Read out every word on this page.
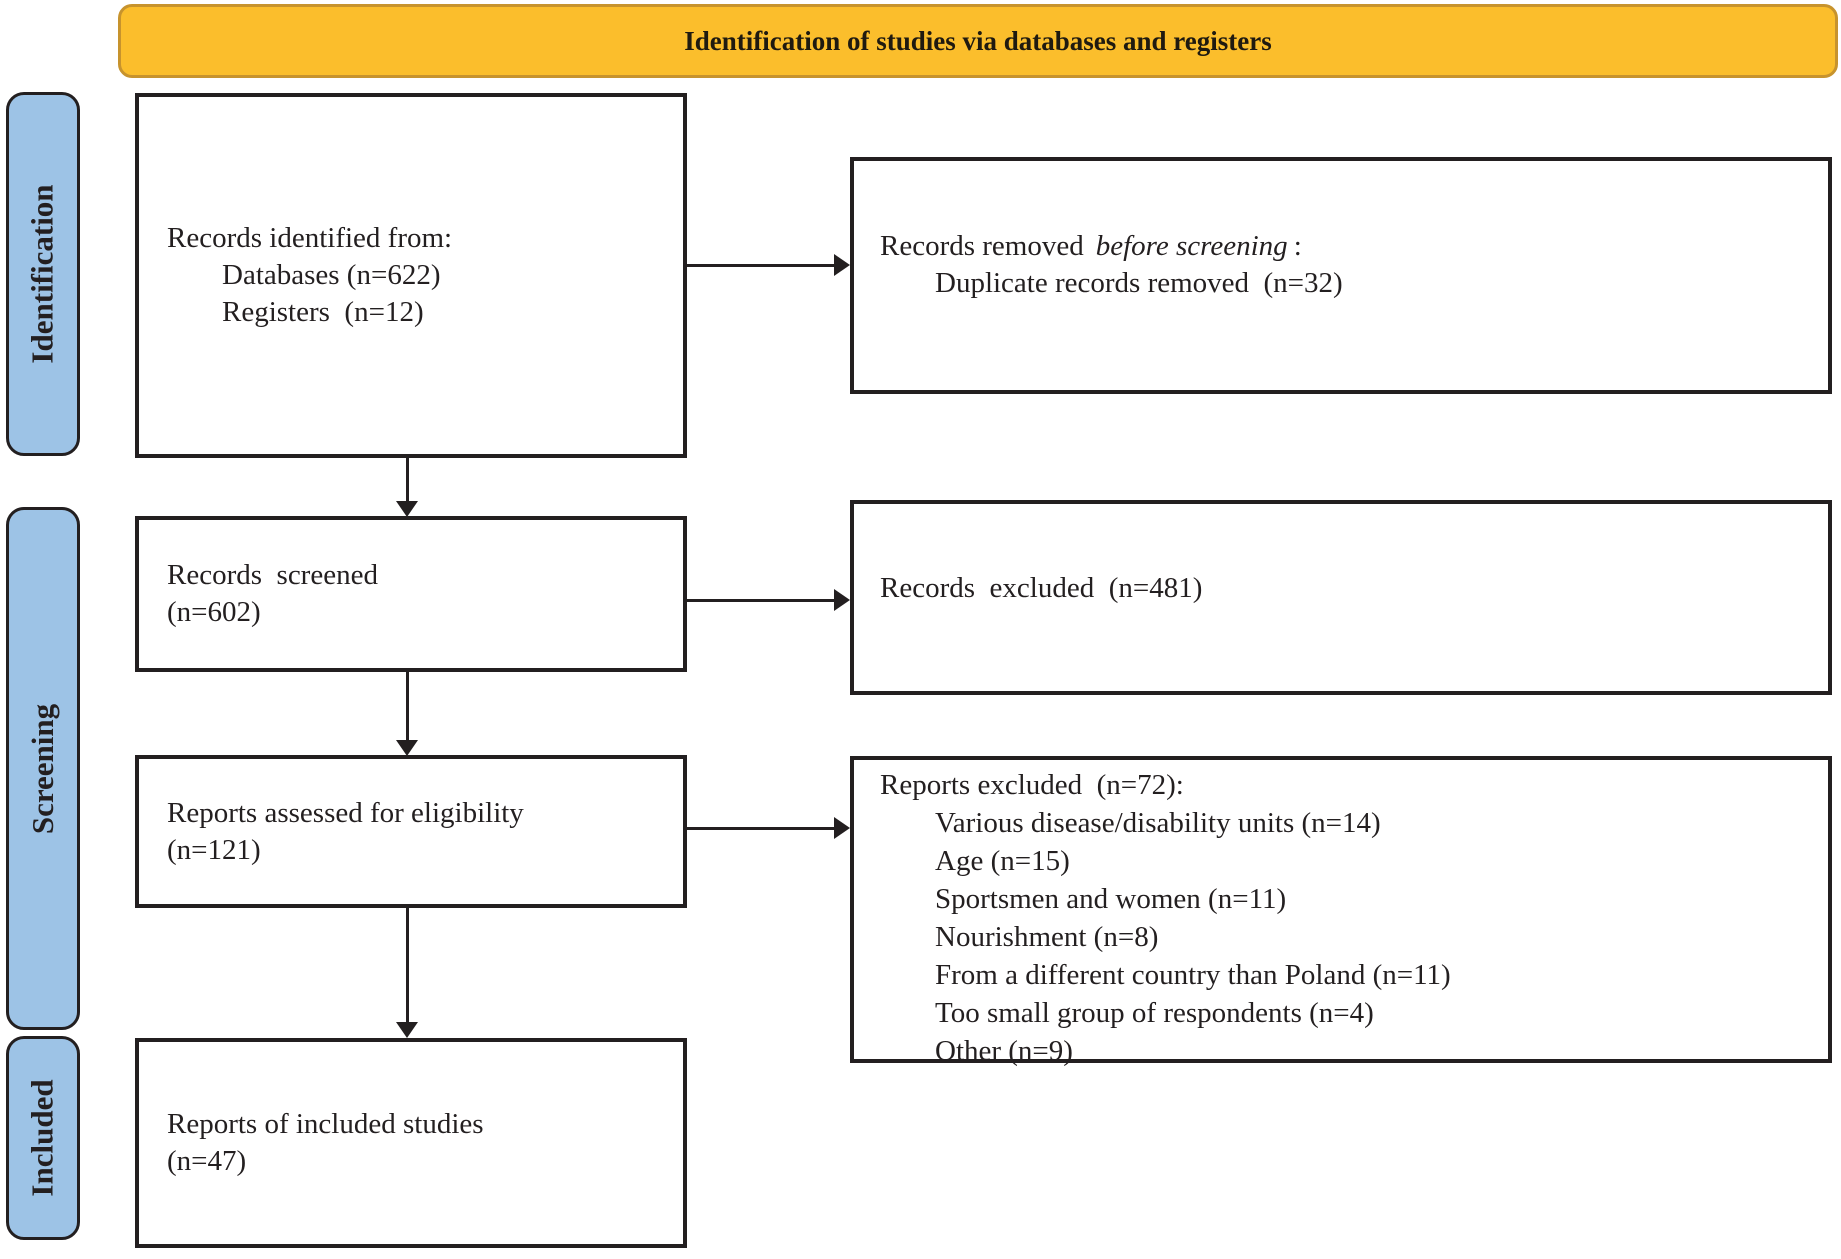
Identification of studies via databases and registers
Identification
Screening
Included
Records identified from:
Databases (n=622)
Registers  (n=12)
Records  screened
(n=602)
Reports assessed for eligibility
(n=121)
Reports of included studies
(n=47)
Records removed before screening :
Duplicate records removed  (n=32)
Records  excluded  (n=481)
Reports excluded  (n=72):
Various disease/disability units (n=14)
Age (n=15)
Sportsmen and women (n=11)
Nourishment (n=8)
From a different country than Poland (n=11)
Too small group of respondents (n=4)
Other (n=9)
